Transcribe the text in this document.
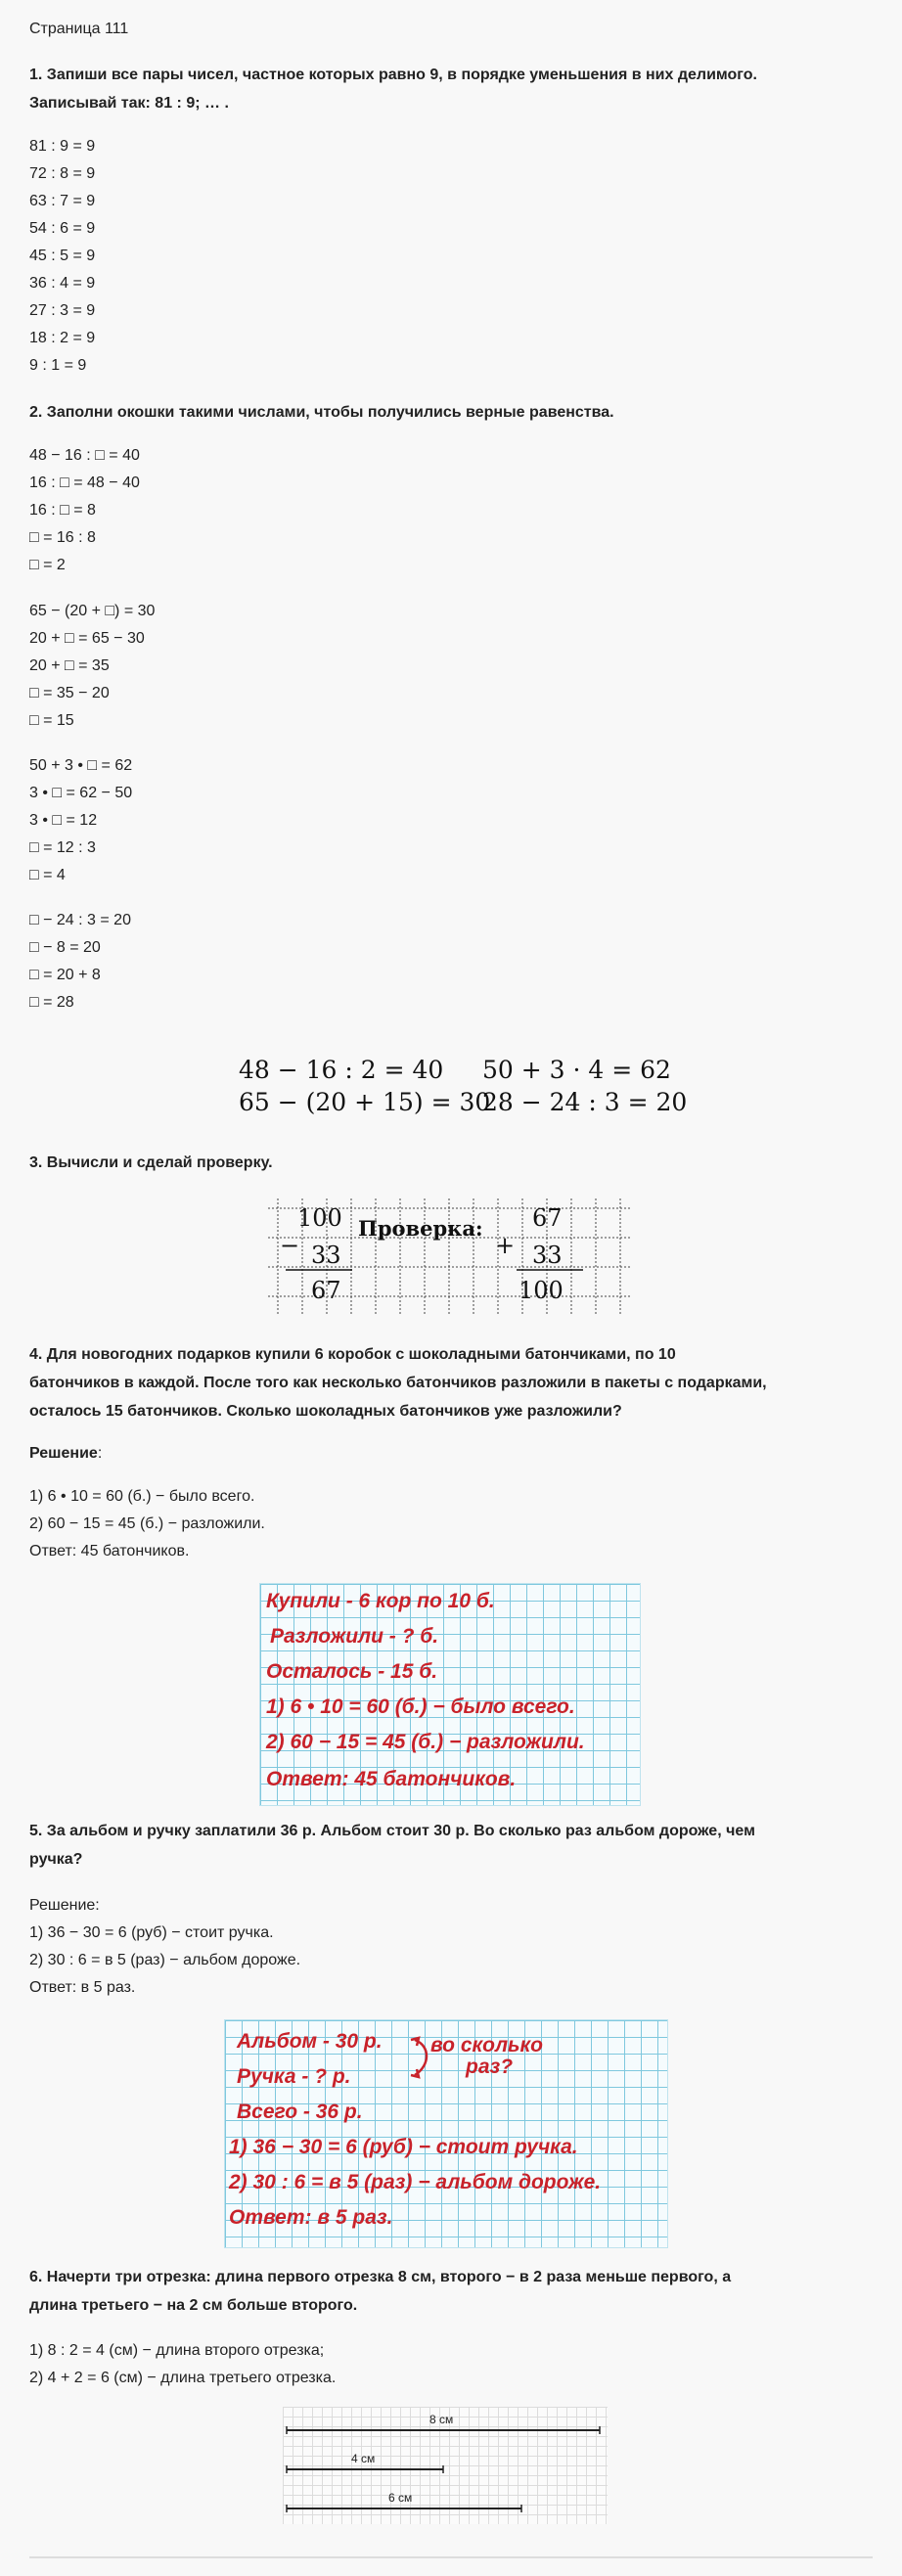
Страница 111
1. Запиши все пары чисел, частное которых равно 9, в порядке уменьшения в них делимого.
Записывай так: 81 : 9; … .
81 : 9 = 9
72 : 8 = 9
63 : 7 = 9
54 : 6 = 9
45 : 5 = 9
36 : 4 = 9
27 : 3 = 9
18 : 2 = 9
9 : 1 = 9
2. Заполни окошки такими числами, чтобы получились верные равенства.
48 − 16 : □ = 40
16 : □ = 48 − 40
16 : □ = 8
□ = 16 : 8
□ = 2
65 − (20 + □) = 30
20 + □ = 65 − 30
20 + □ = 35
□ = 35 − 20
□ = 15
50 + 3 • □ = 62
3 • □ = 62 − 50
3 • □ = 12
□ = 12 : 3
□ = 4
□ − 24 : 3 = 20
□ − 8 = 20
□ = 20 + 8
□ = 28
48 − 16 : 2 = 40 50 + 3 · 4 = 62
65 − (20 + 15) = 30
28 − 24 : 3 = 20
3. Вычисли и сделай проверку.
100
− 33
67
Проверка: 67
+ 33
100
4. Для новогодних подарков купили 6 коробок с шоколадными батончиками, по 10
батончиков в каждой. После того как несколько батончиков разложили в пакеты с подарками,
осталось 15 батончиков. Сколько шоколадных батончиков уже разложили?
Решение:
1) 6 • 10 = 60 (б.) − было всего.
2) 60 − 15 = 45 (б.) − разложили.
Ответ: 45 батончиков.
Купили - 6 кор по 10 б.
Разложили - ? б.
Осталось - 15 б.
1) 6 • 10 = 60 (б.) − было всего.
2) 60 − 15 = 45 (б.) − разложили.
Ответ: 45 батончиков.
5. За альбом и ручку заплатили 36 р. Альбом стоит 30 р. Во сколько раз альбом дороже, чем
ручка?
Решение:
1) 36 − 30 = 6 (руб) − стоит ручка.
2) 30 : 6 = в 5 (раз) − альбом дороже.
Ответ: в 5 раз.
Альбом - 30 р. во сколько
раз?
Ручка - ? р.
Всего - 36 р.
1) 36 − 30 = 6 (руб) − стоит ручка.
2) 30 : 6 = в 5 (раз) − альбом дороже.
Ответ: в 5 раз.
6. Начерти три отрезка: длина первого отрезка 8 см, второго − в 2 раза меньше первого, а
длина третьего − на 2 см больше второго.
1) 8 : 2 = 4 (см) − длина второго отрезка;
2) 4 + 2 = 6 (см) − длина третьего отрезка.
8 см
4 см
6 см
